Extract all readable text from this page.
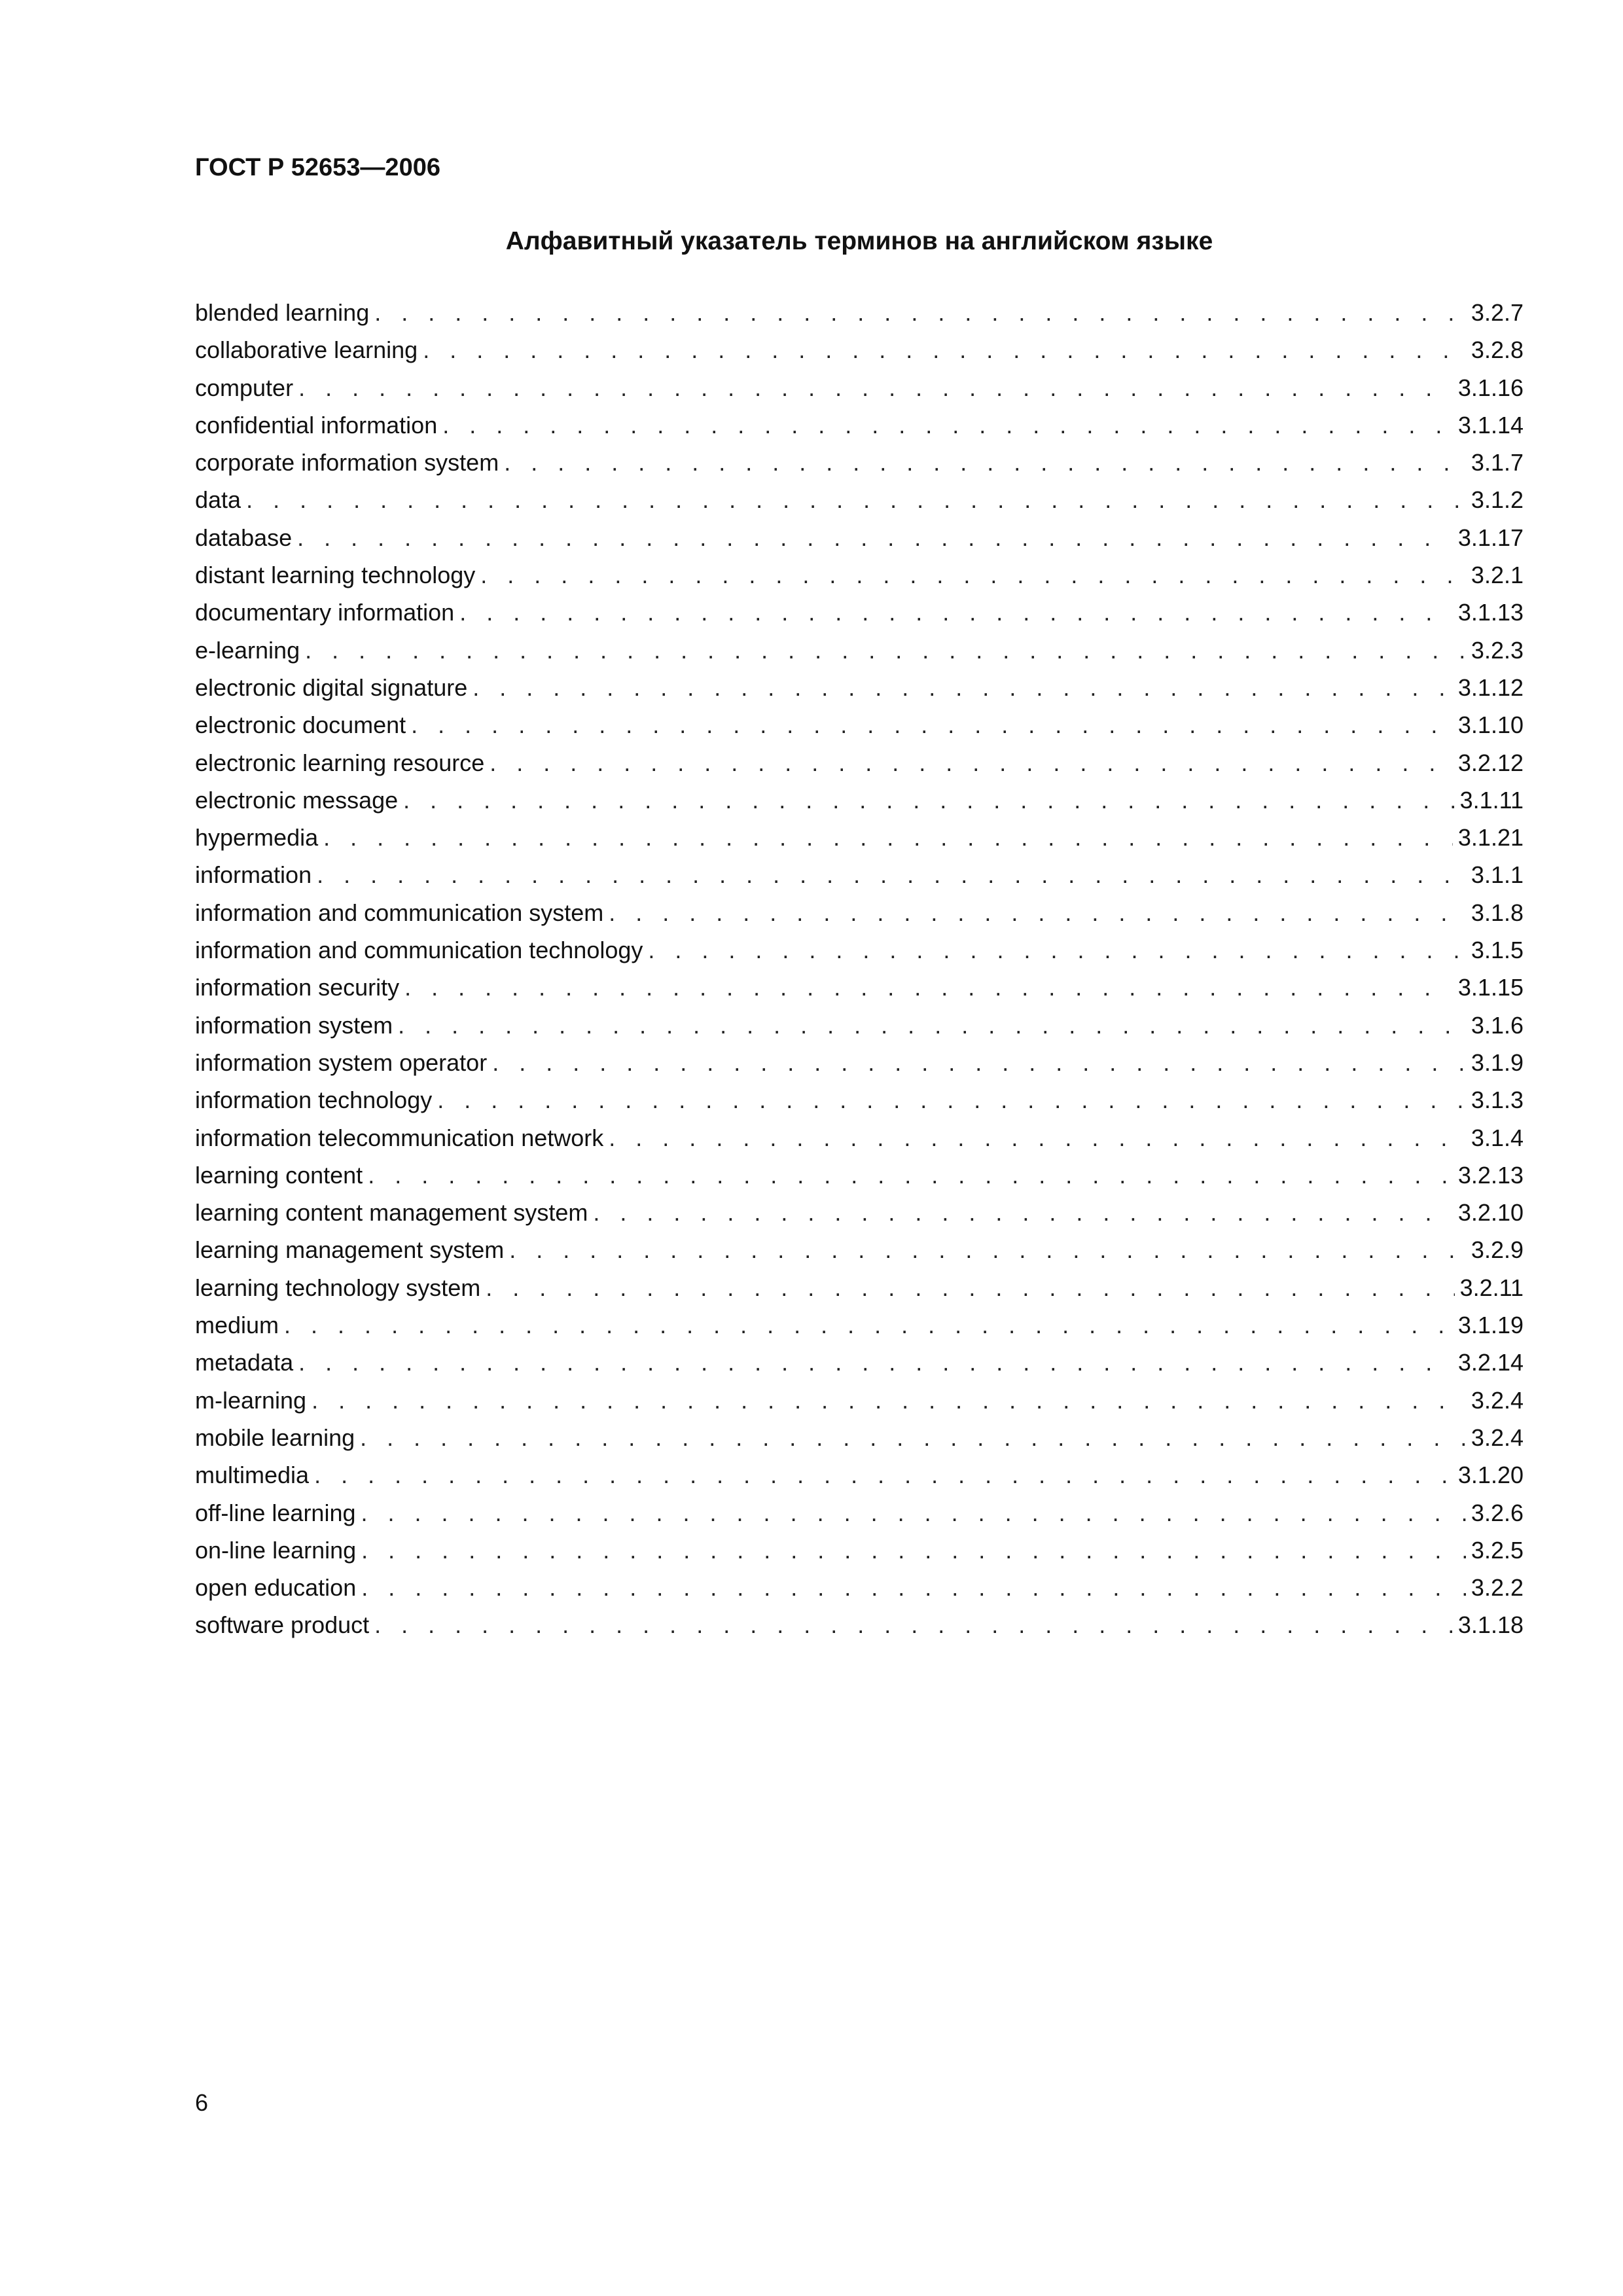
ГОСТ Р 52653—2006
Алфавитный указатель терминов на английском языке
blended learning . . .	3.2.7
collaborative learning . . .	3.2.8
computer . . .	3.1.16
confidential information . . .	3.1.14
corporate information system . . .	3.1.7
data . . .	3.1.2
database . . .	3.1.17
distant learning technology . . .	3.2.1
documentary information . . .	3.1.13
e-learning . . .	3.2.3
electronic digital signature . . .	3.1.12
electronic document . . .	3.1.10
electronic learning resource . . .	3.2.12
electronic message . . .	3.1.11
hypermedia . . .	3.1.21
information . . .	3.1.1
information and communication system . . .	3.1.8
information and communication technology . . .	3.1.5
information security . . .	3.1.15
information system . . .	3.1.6
information system operator . . .	3.1.9
information technology . . .	3.1.3
information telecommunication network . . .	3.1.4
learning content . . .	3.2.13
learning content management system . . .	3.2.10
learning management system . . .	3.2.9
learning technology system . . .	3.2.11
medium . . .	3.1.19
metadata . . .	3.2.14
m-learning . . .	3.2.4
mobile learning . . .	3.2.4
multimedia . . .	3.1.20
off-line learning . . .	3.2.6
on-line learning . . .	3.2.5
open education . . .	3.2.2
software product . . .	3.1.18
6
